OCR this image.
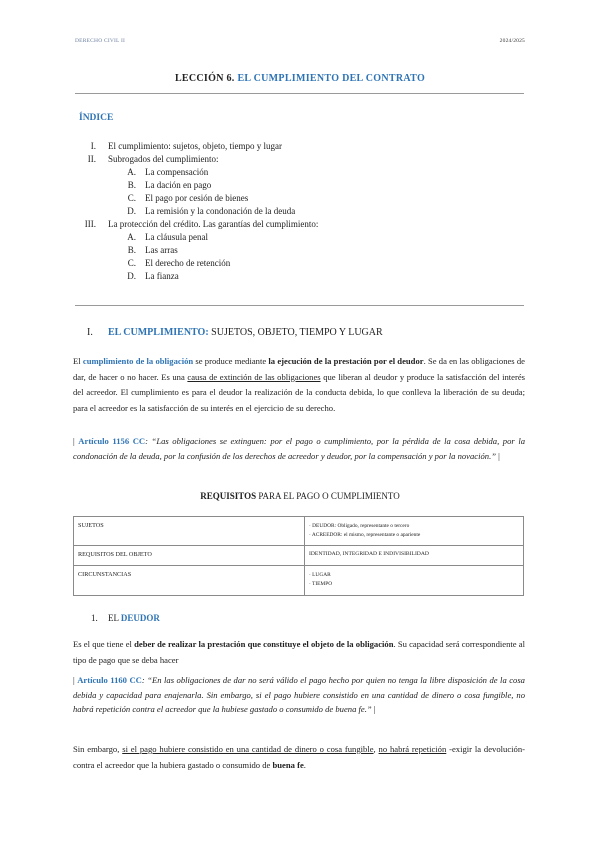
DERECHO CIVIL II	2024/2025
LECCIÓN 6. EL CUMPLIMIENTO DEL CONTRATO
ÍNDICE
I. El cumplimiento: sujetos, objeto, tiempo y lugar
II. Subrogados del cumplimiento:
A. La compensación
B. La dación en pago
C. El pago por cesión de bienes
D. La remisión y la condonación de la deuda
III. La protección del crédito. Las garantías del cumplimiento:
A. La cláusula penal
B. Las arras
C. El derecho de retención
D. La fianza
I. EL CUMPLIMIENTO: SUJETOS, OBJETO, TIEMPO Y LUGAR

El cumplimiento de la obligación se produce mediante la ejecución de la prestación por el deudor. Se da en las obligaciones de dar, de hacer o no hacer. Es una causa de extinción de las obligaciones que liberan al deudor y produce la satisfacción del interés del acreedor. El cumplimiento es para el deudor la realización de la conducta debida, lo que conlleva la liberación de su deuda; para el acreedor es la satisfacción de su interés en el ejercicio de su derecho.

| Artículo 1156 CC: “Las obligaciones se extinguen: por el pago o cumplimiento, por la pérdida de la cosa debida, por la condonación de la deuda, por la confusión de los derechos de acreedor y deudor, por la compensación y por la novación.” |

REQUISITOS PARA EL PAGO O CUMPLIMIENTO
SUJETOS	· DEUDOR: Obligado, representante o tercero
· ACREEDOR: el mismo, representante o apariente

REQUISITOS DEL OBJETO	IDENTIDAD, INTEGRIDAD E INDIVISIBILIDAD
CIRCUNSTANCIAS	· LUGAR
· TIEMPO
1. EL DEUDOR

Es el que tiene el deber de realizar la prestación que constituye el objeto de la obligación. Su capacidad será correspondiente al tipo de pago que se deba hacer

| Artículo 1160 CC: “En las obligaciones de dar no será válido el pago hecho por quien no tenga la libre disposición de la cosa debida y capacidad para enajenarla. Sin embargo, si el pago hubiere consistido en una cantidad de dinero o cosa fungible, no habrá repetición contra el acreedor que la hubiese gastado o consumido de buena fe.” |

Sin embargo, si el pago hubiere consistido en una cantidad de dinero o cosa fungible, no habrá repetición -exigir la devolución- contra el acreedor que la hubiera gastado o consumido de buena fe.
